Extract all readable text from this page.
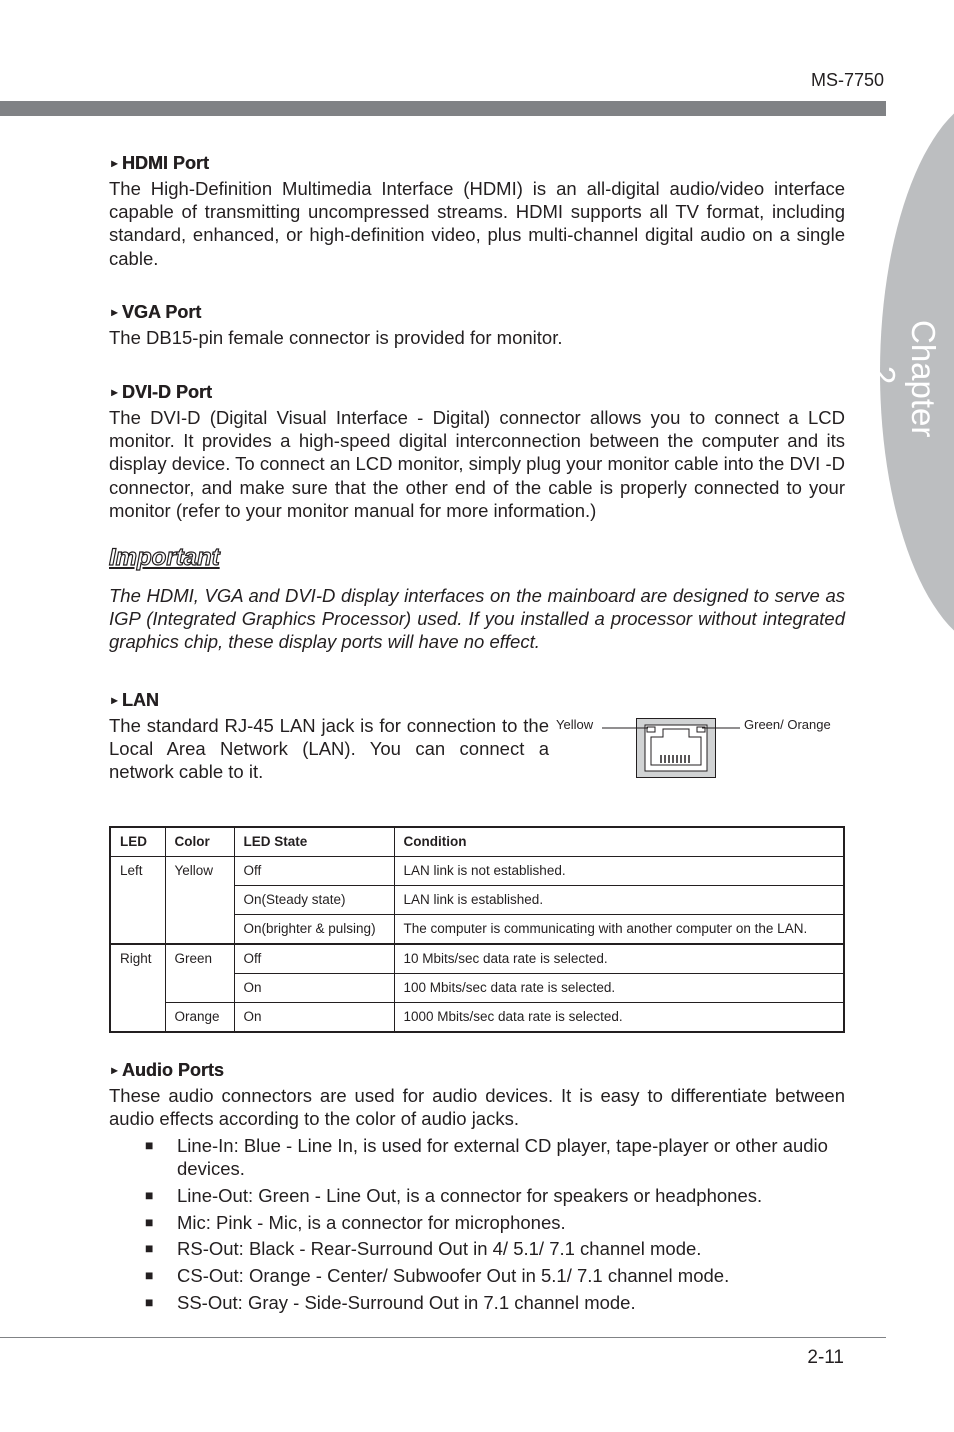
MS-7750
Chapter 2

► HDMI Port

The High-Definition Multimedia Interface (HDMI) is an all-digital audio/video interface capable of transmitting uncompressed streams. HDMI supports all TV format, including standard, enhanced, or high-definition video, plus multi-channel digital audio on a single cable.

► VGA Port

The DB15-pin female connector is provided for monitor.

► DVI-D Port

The DVI-D (Digital Visual Interface - Digital) connector allows you to connect a LCD monitor. It provides a high-speed digital interconnection between the computer and its display device. To connect an LCD monitor, simply plug your monitor cable into the DVI -D connector, and make sure that the other end of the cable is properly connected to your monitor (refer to your monitor manual for more information.)

Important

The HDMI, VGA and DVI-D display interfaces on the mainboard are designed to serve as IGP (Integrated Graphics Processor) used. If you installed a processor without integrated graphics chip, these display ports will have no effect.

► LAN

The standard RJ-45 LAN jack is for connection to the Local Area Network (LAN). You can connect a network cable to it.

Yellow	Green/ Orange
LED	Color	LED State	Condition
Left	Yellow	Off	LAN link is not established.
		On(Steady state)	LAN link is established.
		On(brighter & pulsing)	The computer is communicating with another computer on the LAN.
Right	Green	Off	10 Mbits/sec data rate is selected.
		On	100 Mbits/sec data rate is selected.
	Orange	On	1000 Mbits/sec data rate is selected.

► Audio Ports

These audio connectors are used for audio devices. It is easy to differentiate between audio effects according to the color of audio jacks.

■ Line-In: Blue - Line In, is used for external CD player, tape-player or other audio devices.
■ Line-Out: Green - Line Out, is a connector for speakers or headphones.
■ Mic: Pink - Mic, is a connector for microphones.
■ RS-Out: Black - Rear-Surround Out in 4/ 5.1/ 7.1 channel mode.
■ CS-Out: Orange - Center/ Subwoofer Out in 5.1/ 7.1 channel mode.
■ SS-Out: Gray - Side-Surround Out in 7.1 channel mode.
2-11
